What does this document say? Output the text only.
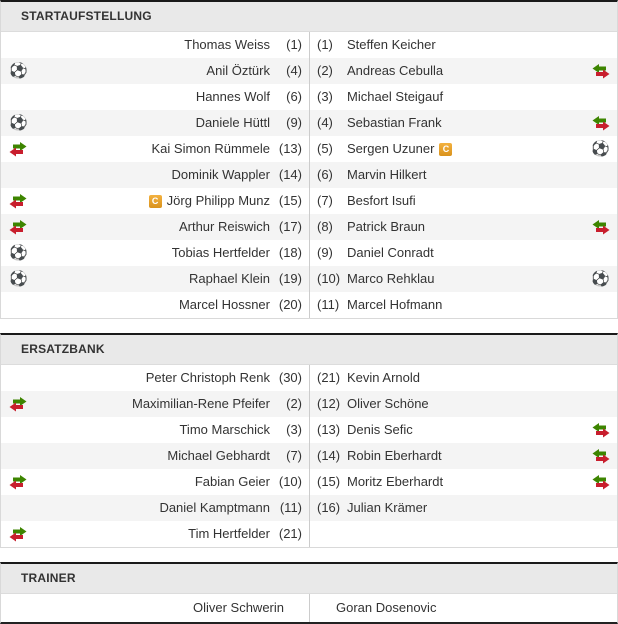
STARTAUFSTELLUNG
Thomas Weiss (1)	(1) Steffen Keicher
⚽	Anil Öztürk (4)	(2) Andreas Cebulla
Hannes Wolf (6)	(3) Michael Steigauf
⚽	Daniele Hüttl (9)	(4) Sebastian Frank
Kai Simon Rümmele (13)	(5) Sergen Uzuner C	⚽
Dominik Wappler (14)	(6) Marvin Hilkert
C Jörg Philipp Munz (15)	(7) Besfort Isufi
Arthur Reiswich (17)	(8) Patrick Braun
⚽	Tobias Hertfelder (18)	(9) Daniel Conradt
⚽	Raphael Klein (19)	(10) Marco Rehklau	⚽
Marcel Hossner (20)	(11) Marcel Hofmann
ERSATZBANK
Peter Christoph Renk (30)	(21) Kevin Arnold
Maximilian-Rene Pfeifer (2)	(12) Oliver Schöne
Timo Marschick (3)	(13) Denis Sefic
Michael Gebhardt (7)	(14) Robin Eberhardt
Fabian Geier (10)	(15) Moritz Eberhardt
Daniel Kamptmann (11)	(16) Julian Krämer
Tim Hertfelder (21)
TRAINER
Oliver Schwerin	Goran Dosenovic
